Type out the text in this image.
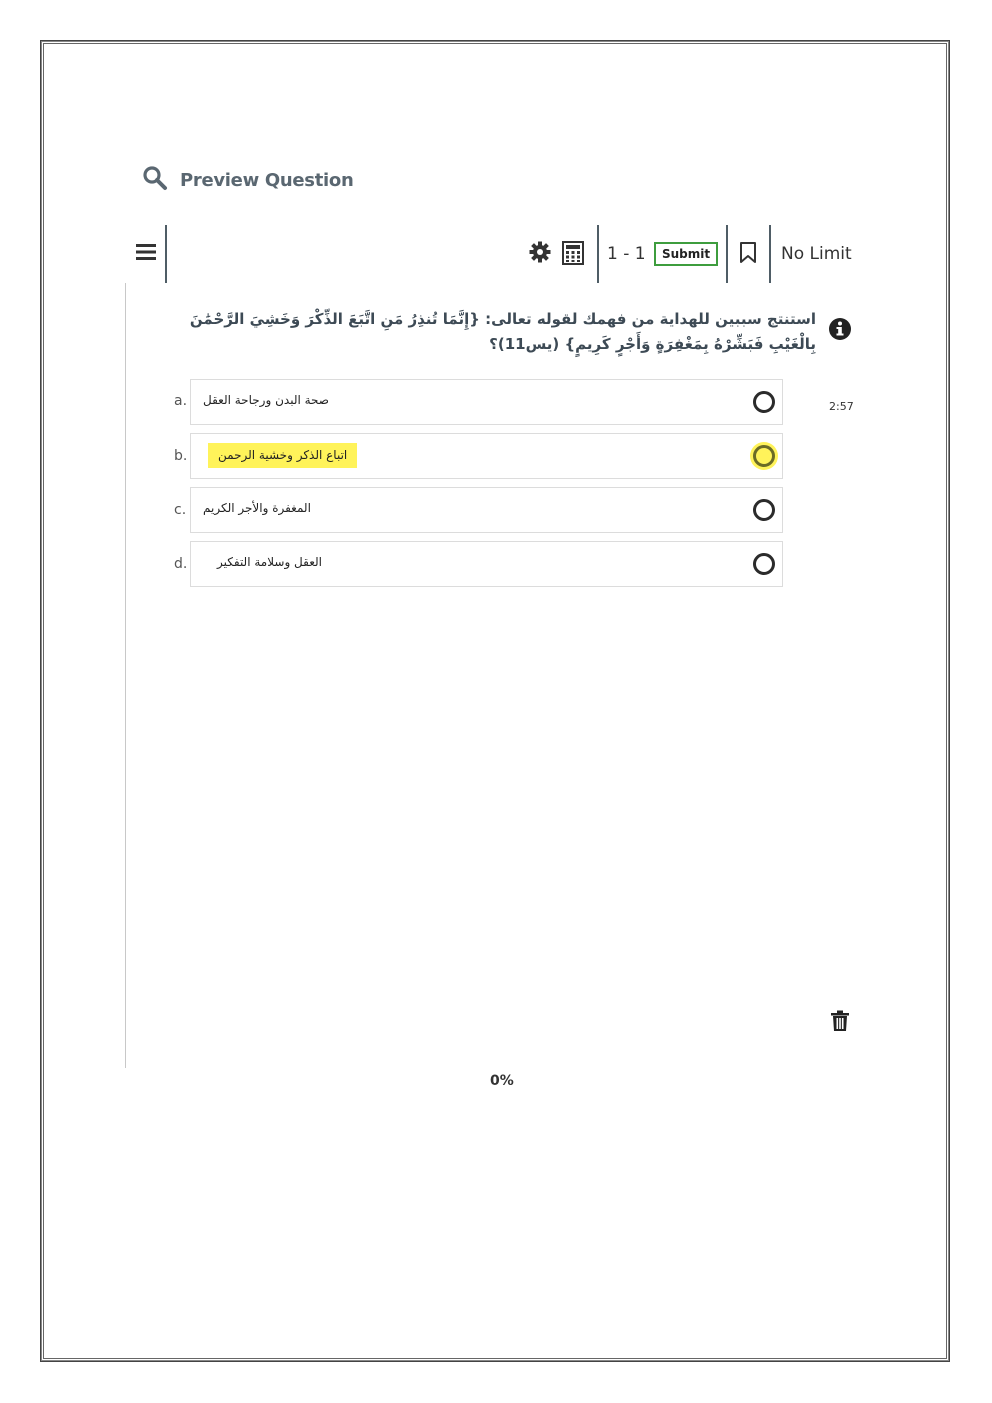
Preview Question
1 - 1	Submit	No Limit
استنتج سببين للهداية من فهمك لقوله تعالى: {إِنَّمَا تُنذِرُ مَنِ اتَّبَعَ الذِّكْرَ وَخَشِيَ الرَّحْمَٰنَ بِالْغَيْبِ فَبَشِّرْهُ بِمَغْفِرَةٍ وَأَجْرٍ كَرِيمٍ} (يس11)؟
2:57
a. صحة البدن ورجاحة العقل
b.	اتباع الذكر وخشية الرحمن
c. المغفرة والأجر الكريم
d. العقل وسلامة التفكير
0%
